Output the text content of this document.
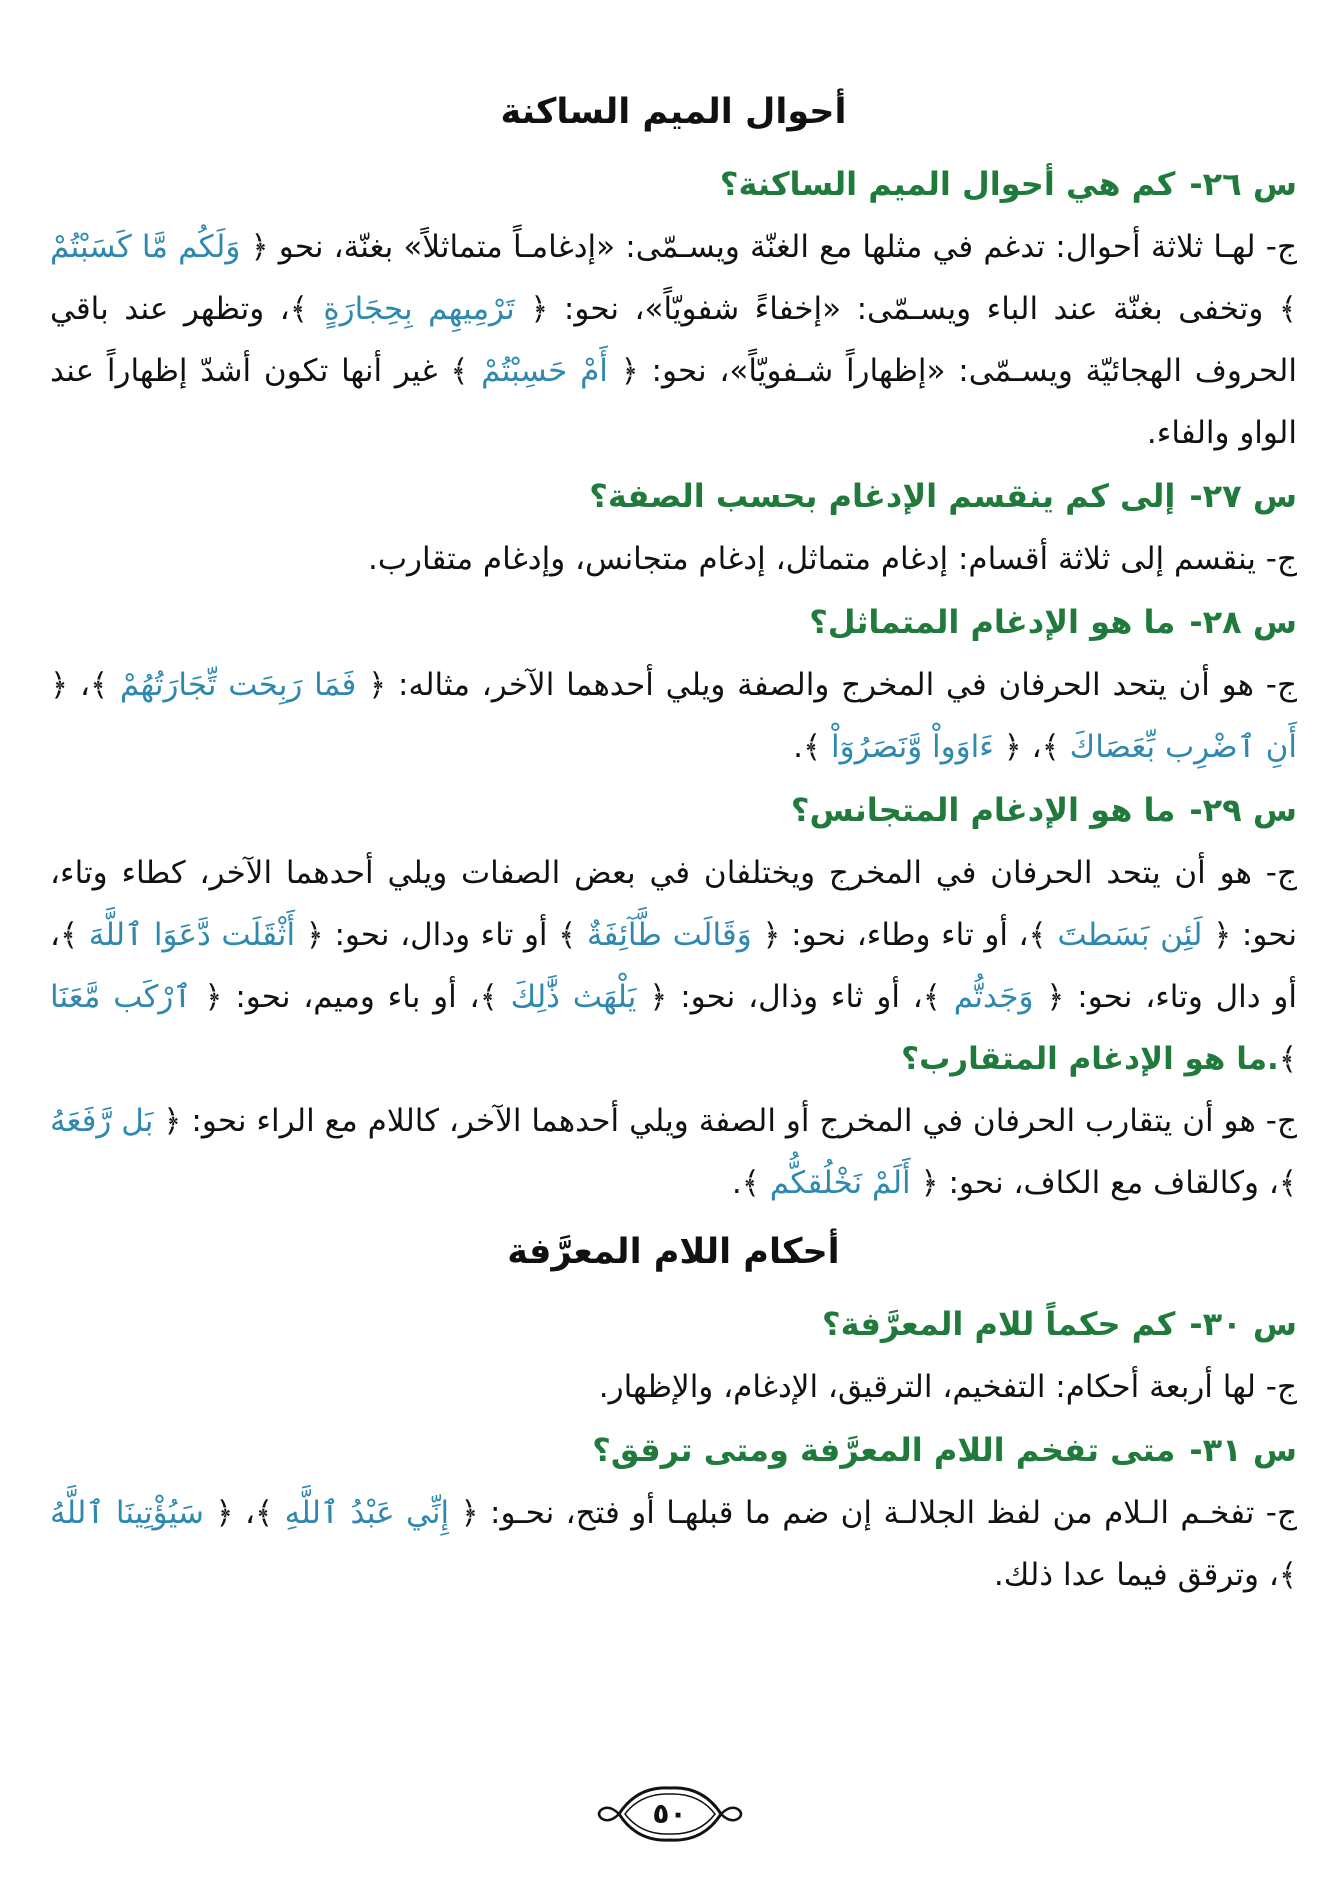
أحوال الميم الساكنة
س ٢٦-كم هي أحوال الميم الساكنة؟

ج- لهـا ثلاثة أحوال: تدغم في مثلها مع الغنّة ويسـمّى: «إدغامـاً متماثلاً» بغنّة، نحو ﴿ وَلَكُم مَّا كَسَبْتُمْ ﴾ وتخفى بغنّة عند الباء ويسـمّى: «إخفاءً شفويّاً»، نحو: ﴿ تَرْمِيهِم بِحِجَارَةٍ ﴾، وتظهر عند باقي الحروف الهجائيّة ويسـمّى: «إظهاراً شـفويّاً»، نحو: ﴿ أَمْ حَسِبْتُمْ ﴾ غير أنها تكون أشدّ إظهاراً عند الواو والفاء.

س ٢٧-إلى كم ينقسم الإدغام بحسب الصفة؟

ج- ينقسم إلى ثلاثة أقسام: إدغام متماثل، إدغام متجانس، وإدغام متقارب.

س ٢٨-ما هو الإدغام المتماثل؟

ج- هو أن يتحد الحرفان في المخرج والصفة ويلي أحدهما الآخر، مثاله: ﴿ فَمَا رَبِحَت تِّجَارَتُهُمْ ﴾، ﴿ أَنِ ٱضْرِب بِّعَصَاكَ ﴾، ﴿ ءَاوَواْ وَّنَصَرُوٓاْ ﴾.

س ٢٩-ما هو الإدغام المتجانس؟

ج- هو أن يتحد الحرفان في المخرج ويختلفان في بعض الصفات ويلي أحدهما الآخر، كطاء وتاء، نحو: ﴿ لَئِن بَسَطتَ ﴾، أو تاء وطاء، نحو: ﴿ وَقَالَت طَّآئِفَةٌ ﴾ أو تاء ودال، نحو: ﴿ أَثْقَلَت دَّعَوَا ٱللَّهَ ﴾، أو دال وتاء، نحو: ﴿ وَجَدتُّم ﴾، أو ثاء وذال، نحو: ﴿ يَلْهَث ذَّٰلِكَ ﴾، أو باء وميم، نحو: ﴿ ٱرْكَب مَّعَنَا ﴾.ما هو الإدغام المتقارب؟

ج- هو أن يتقارب الحرفان في المخرج أو الصفة ويلي أحدهما الآخر، كاللام مع الراء نحو: ﴿ بَل رَّفَعَهُ ﴾، وكالقاف مع الكاف، نحو: ﴿ أَلَمْ نَخْلُقكُّم ﴾.

أحكام اللام المعرَّفة
س ٣٠-كم حكماً للام المعرَّفة؟

ج- لها أربعة أحكام: التفخيم، الترقيق، الإدغام، والإظهار.

س ٣١-متى تفخم اللام المعرَّفة ومتى ترقق؟

ج- تفخـم الـلام من لفظ الجلالـة إن ضم ما قبلهـا أو فتح، نحـو: ﴿ إِنِّي عَبْدُ ٱللَّهِ ﴾، ﴿ سَيُؤْتِينَا ٱللَّهُ ﴾، وترقق فيما عدا ذلك.

٥٠
